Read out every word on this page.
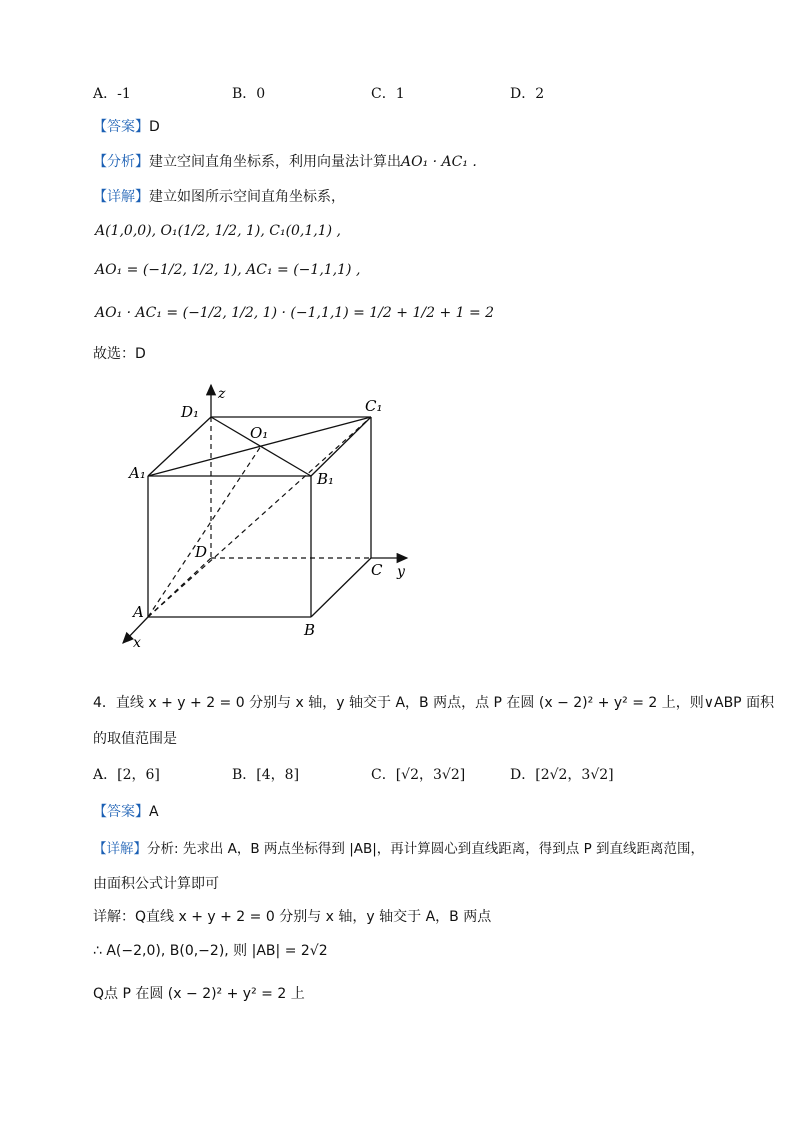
A．-1	B．0	C．1	D．2
【答案】D
【分析】建立空间直角坐标系，利用向量法计算出AO₁ · AC₁ .
【详解】建立如图所示空间直角坐标系，
A(1,0,0), O₁(1/2, 1/2, 1), C₁(0,1,1) ,
AO₁ = (−1/2, 1/2, 1), AC₁ = (−1,1,1) ,
AO₁ · AC₁ = (−1/2, 1/2, 1) · (−1,1,1) = 1/2 + 1/2 + 1 = 2
故选：D
z
y
x
D₁	C₁
O₁
A₁	B₁
D
C
A
B
4．直线 x + y + 2 = 0 分别与 x 轴，y 轴交于 A，B 两点，点 P 在圆 (x − 2)² + y² = 2 上，则∨ABP 面积
的取值范围是
A．[2，6]	B．[4，8]	C．[√2，3√2]	D．[2√2，3√2]
【答案】A
【详解】分析: 先求出 A，B 两点坐标得到 |AB|，再计算圆心到直线距离，得到点 P 到直线距离范围，
由面积公式计算即可
详解：Q直线 x + y + 2 = 0 分别与 x 轴，y 轴交于 A，B 两点
∴ A(−2,0), B(0,−2), 则 |AB| = 2√2
Q点 P 在圆 (x − 2)² + y² = 2 上
